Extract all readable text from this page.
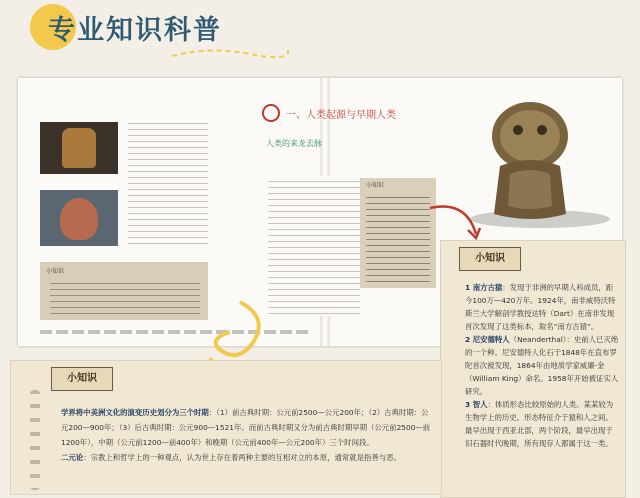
专业知识科普
小知识
一、人类起源与早期人类
人类的来龙去脉
小知识
小知识
1 南方古猿：发现于非洲的早期人科成员，距今100万—420万年。1924年，南非威特沃特斯兰大学解剖学教授达特（Dart）在南非发现首次发现了这类标本，取名“南方古猿”。
2 尼安德特人（Neanderthal）：史前人已灭绝的一个种。尼安德特人化石于1848年在直布罗陀首次被发现，1864年由地质学家威廉·金（William King）命名。1958年开始被证实人研究。
3 智人：体质形态比较原始的人类。某某较为生物学上的历史。形态特征介于猿和人之间。最早出现于西亚北部，两个阶段，最早出现于旧石器时代晚期，所有现存人都属于这一类。
小知识
学界将中美洲文化的演变历史划分为三个时期：（1）前古典时期：公元前2500—公元200年；（2）古典时期：公元200—900年；（3）后古典时期：公元900—1521年。而前古典时期又分为前古典时期早期（公元前2500—前1200年），中期（公元前1200—前400年）和晚期（公元前400年—公元200年）三个时间段。
二元论：宗教上和哲学上的一种观点，认为世上存在着两种主要的互相对立的本原，通常就是指善与恶。
